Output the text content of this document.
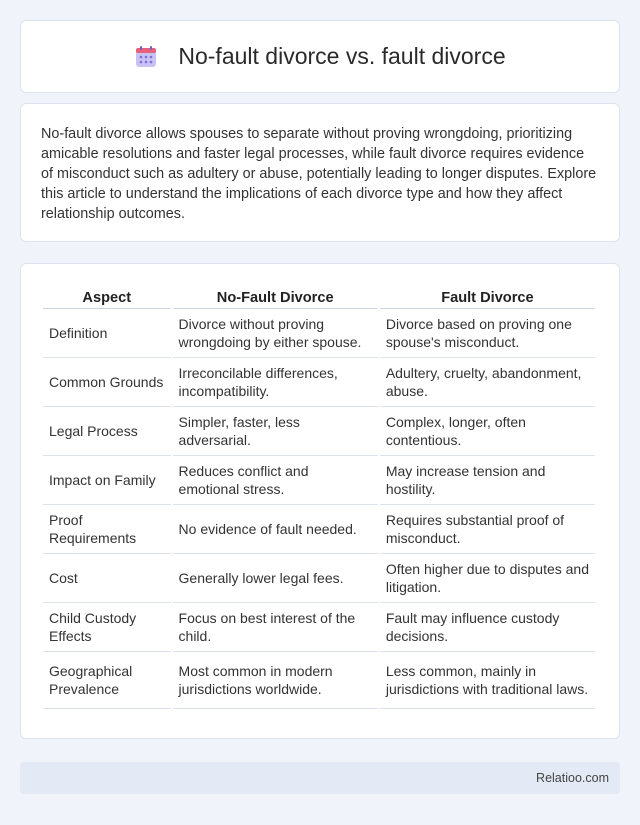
No-fault divorce vs. fault divorce

No-fault divorce allows spouses to separate without proving wrongdoing, prioritizing amicable resolutions and faster legal processes, while fault divorce requires evidence of misconduct such as adultery or abuse, potentially leading to longer disputes. Explore this article to understand the implications of each divorce type and how they affect relationship outcomes.

Aspect	No-Fault Divorce	Fault Divorce
Definition	Divorce without proving wrongdoing by either spouse.	Divorce based on proving one spouse's misconduct.
Common Grounds	Irreconcilable differences, incompatibility.	Adultery, cruelty, abandonment, abuse.
Legal Process	Simpler, faster, less adversarial.	Complex, longer, often contentious.
Impact on Family	Reduces conflict and emotional stress.	May increase tension and hostility.
Proof Requirements	No evidence of fault needed.	Requires substantial proof of misconduct.
Cost	Generally lower legal fees.	Often higher due to disputes and litigation.
Child Custody Effects	Focus on best interest of the child.	Fault may influence custody decisions.
Geographical Prevalence	Most common in modern jurisdictions worldwide.	Less common, mainly in jurisdictions with traditional laws.
Relatioo.com
